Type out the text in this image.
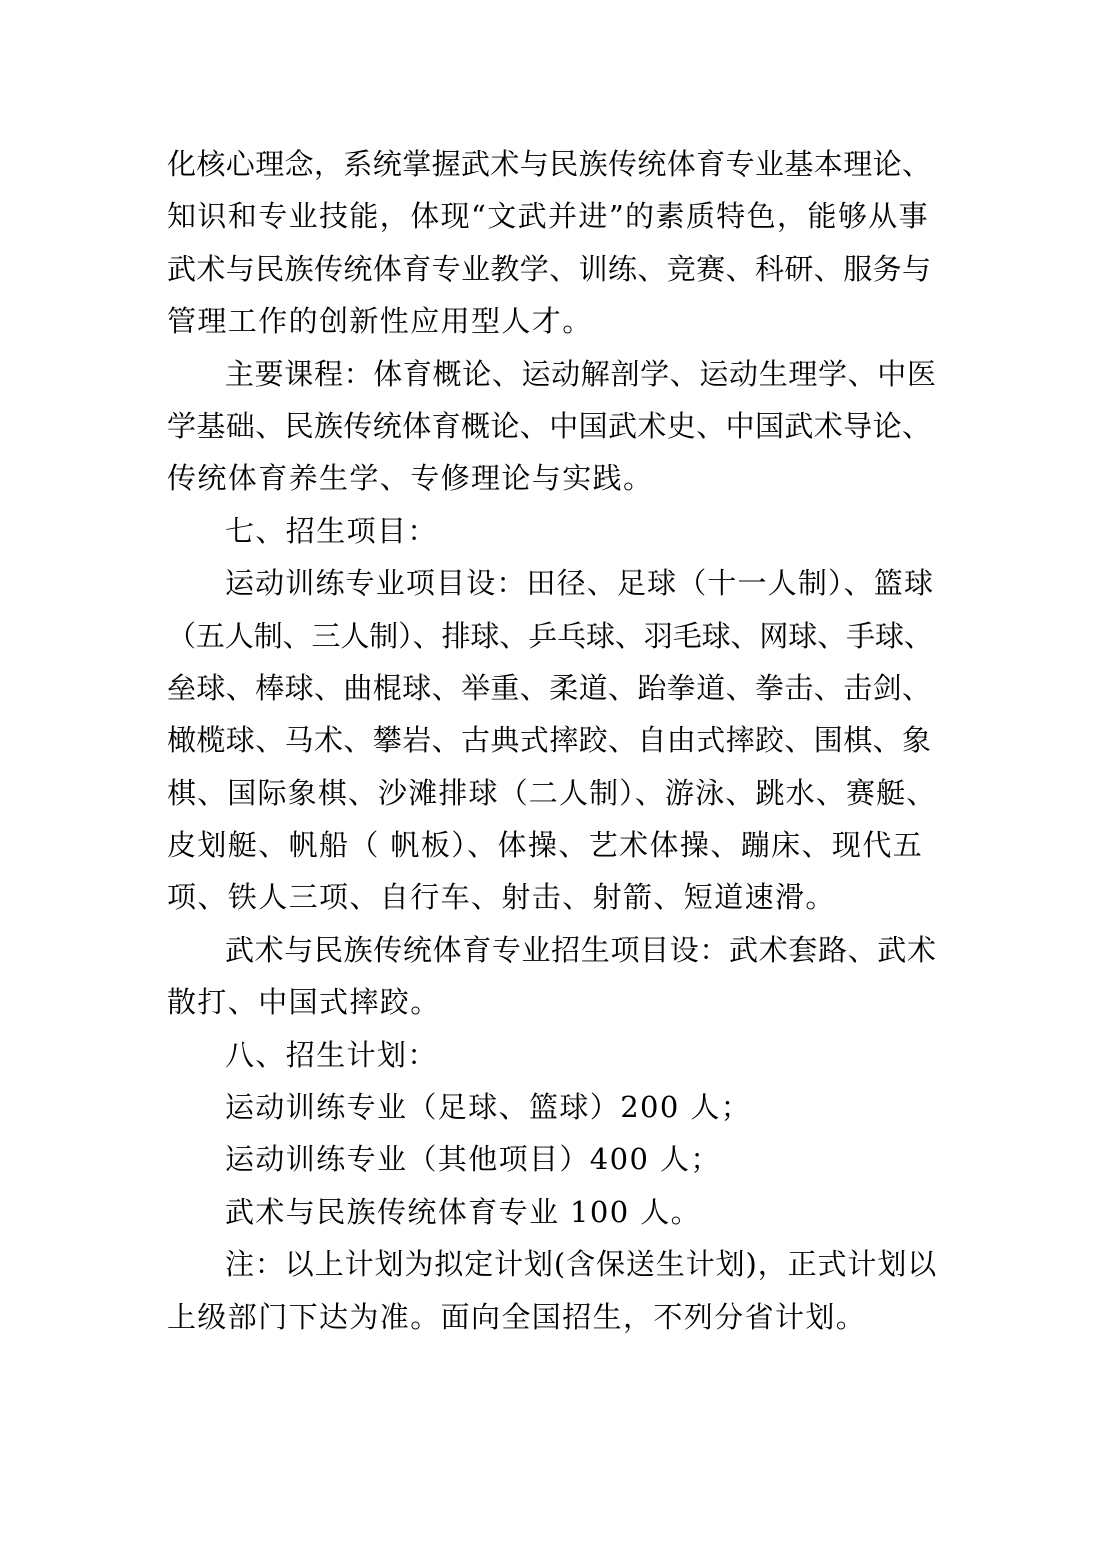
化核心理念，系统掌握武术与民族传统体育专业基本理论、
知识和专业技能，体现“文武并进”的素质特色，能够从事
武术与民族传统体育专业教学、训练、竞赛、科研、服务与
管理工作的创新性应用型人才。
主要课程：体育概论、运动解剖学、运动生理学、中医
学基础、民族传统体育概论、中国武术史、中国武术导论、
传统体育养生学、专修理论与实践。
七、招生项目：
运动训练专业项目设：田径、足球（十一人制）、篮球
（五人制、三人制）、排球、乒乓球、羽毛球、网球、手球、
垒球、棒球、曲棍球、举重、柔道、跆拳道、拳击、击剑、
橄榄球、马术、攀岩、古典式摔跤、自由式摔跤、围棋、象
棋、国际象棋、沙滩排球（二人制）、游泳、跳水、赛艇、
皮划艇、帆船（ 帆板）、体操、艺术体操、蹦床、现代五
项、铁人三项、自行车、射击、射箭、短道速滑。
武术与民族传统体育专业招生项目设：武术套路、武术
散打、中国式摔跤。
八、招生计划：
运动训练专业（足球、篮球）200 人；
运动训练专业（其他项目）400 人；
武术与民族传统体育专业 100 人。
注：以上计划为拟定计划(含保送生计划)，正式计划以
上级部门下达为准。面向全国招生，不列分省计划。
